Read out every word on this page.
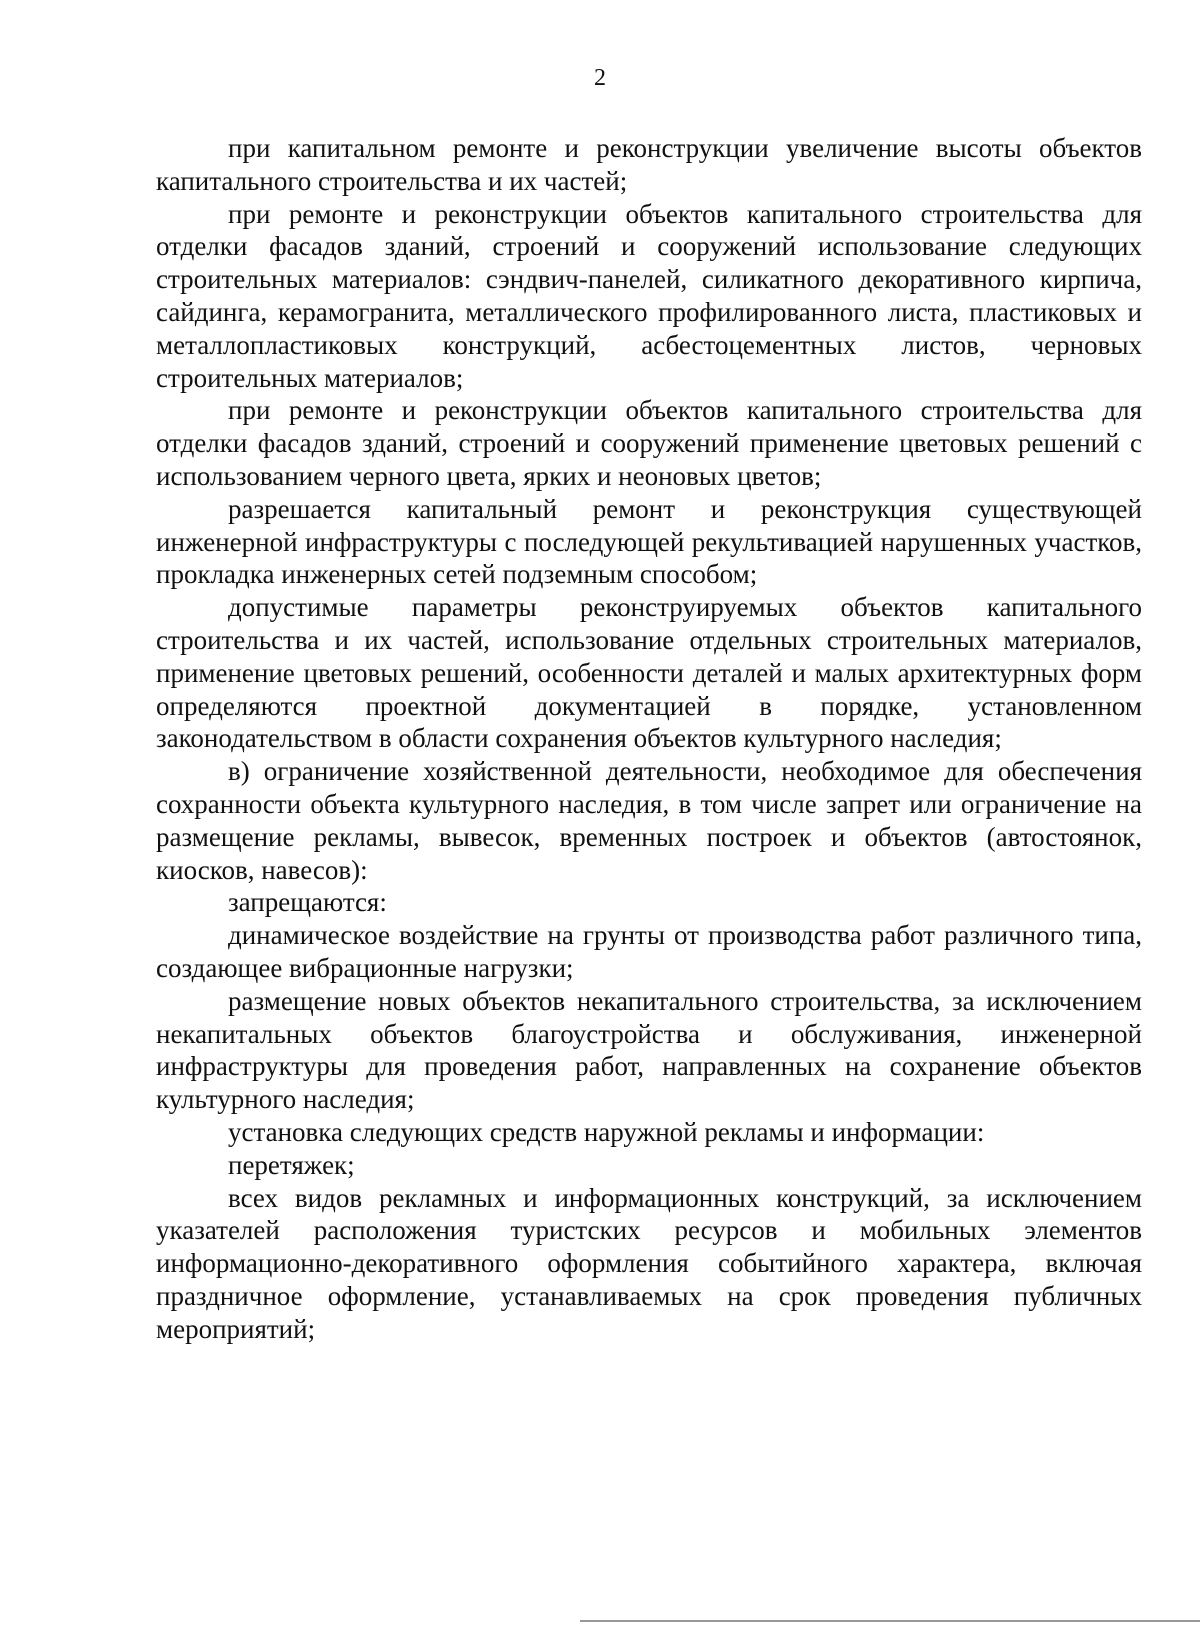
2

при капитальном ремонте и реконструкции увеличение высоты объектов капитального строительства и их частей;

при ремонте и реконструкции объектов капитального строительства для отделки фасадов зданий, строений и сооружений использование следующих строительных материалов: сэндвич-панелей, силикатного декоративного кирпича, сайдинга, керамогранита, металлического профилированного листа, пластиковых и металлопластиковых конструкций, асбестоцементных листов, черновых строительных материалов;

при ремонте и реконструкции объектов капитального строительства для отделки фасадов зданий, строений и сооружений применение цветовых решений с использованием черного цвета, ярких и неоновых цветов;

разрешается капитальный ремонт и реконструкция существующей инженерной инфраструктуры с последующей рекультивацией нарушенных участков, прокладка инженерных сетей подземным способом;

допустимые параметры реконструируемых объектов капитального строительства и их частей, использование отдельных строительных материалов, применение цветовых решений, особенности деталей и малых архитектурных форм определяются проектной документацией в порядке, установленном законодательством в области сохранения объектов культурного наследия;

в) ограничение хозяйственной деятельности, необходимое для обеспечения сохранности объекта культурного наследия, в том числе запрет или ограничение на размещение рекламы, вывесок, временных построек и объектов (автостоянок, киосков, навесов):

запрещаются:

динамическое воздействие на грунты от производства работ различного типа, создающее вибрационные нагрузки;

размещение новых объектов некапитального строительства, за исключением некапитальных объектов благоустройства и обслуживания, инженерной инфраструктуры для проведения работ, направленных на сохранение объектов культурного наследия;

установка следующих средств наружной рекламы и информации:

перетяжек;

всех видов рекламных и информационных конструкций, за исключением указателей расположения туристских ресурсов и мобильных элементов информационно-декоративного оформления событийного характера, включая праздничное оформление, устанавливаемых на срок проведения публичных мероприятий;
